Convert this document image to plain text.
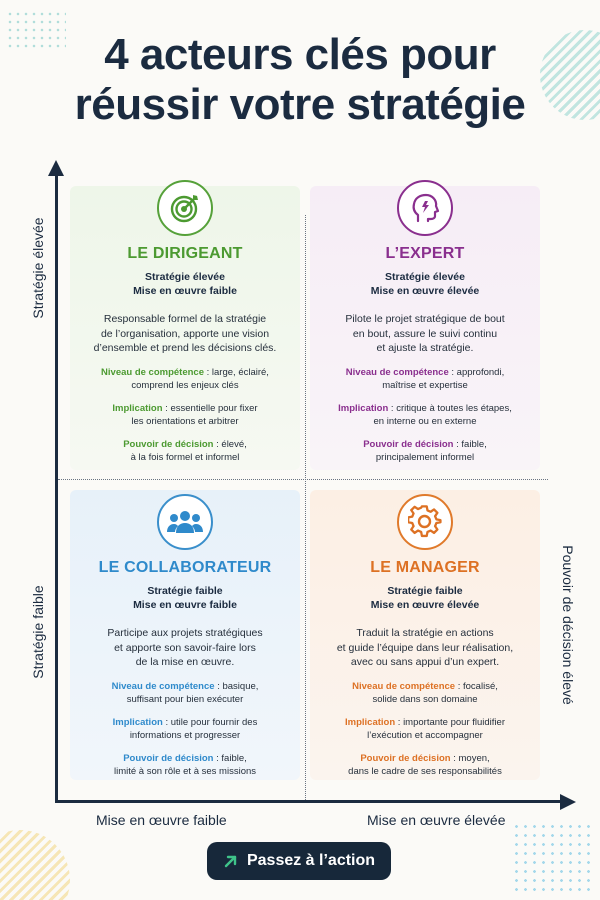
4 acteurs clés pour
réussir votre stratégie
Stratégie élevée
Stratégie faible	Pouvoir de décision élevé
Mise en œuvre faible	Mise en œuvre élevée
LE DIRIGEANT
Stratégie élevée
Mise en œuvre faible
Responsable formel de la stratégie
de l’organisation, apporte une vision
d’ensemble et prend les décisions clés.
Niveau de compétence : large, éclairé,
comprend les enjeux clés
Implication : essentielle pour fixer
les orientations et arbitrer
Pouvoir de décision : élevé,
à la fois formel et informel
L’EXPERT
Stratégie élevée
Mise en œuvre élevée
Pilote le projet stratégique de bout
en bout, assure le suivi continu
et ajuste la stratégie.
Niveau de compétence : approfondi,
maîtrise et expertise
Implication : critique à toutes les étapes,
en interne ou en externe
Pouvoir de décision : faible,
principalement informel
LE COLLABORATEUR
Stratégie faible
Mise en œuvre faible
Participe aux projets stratégiques
et apporte son savoir-faire lors
de la mise en œuvre.
Niveau de compétence : basique,
suffisant pour bien exécuter
Implication : utile pour fournir des
informations et progresser
Pouvoir de décision : faible,
limité à son rôle et à ses missions
LE MANAGER
Stratégie faible
Mise en œuvre élevée
Traduit la stratégie en actions
et guide l’équipe dans leur réalisation,
avec ou sans appui d’un expert.
Niveau de compétence : focalisé,
solide dans son domaine
Implication : importante pour fluidifier
l’exécution et accompagner
Pouvoir de décision : moyen,
dans le cadre de ses responsabilités
Passez à l’action
